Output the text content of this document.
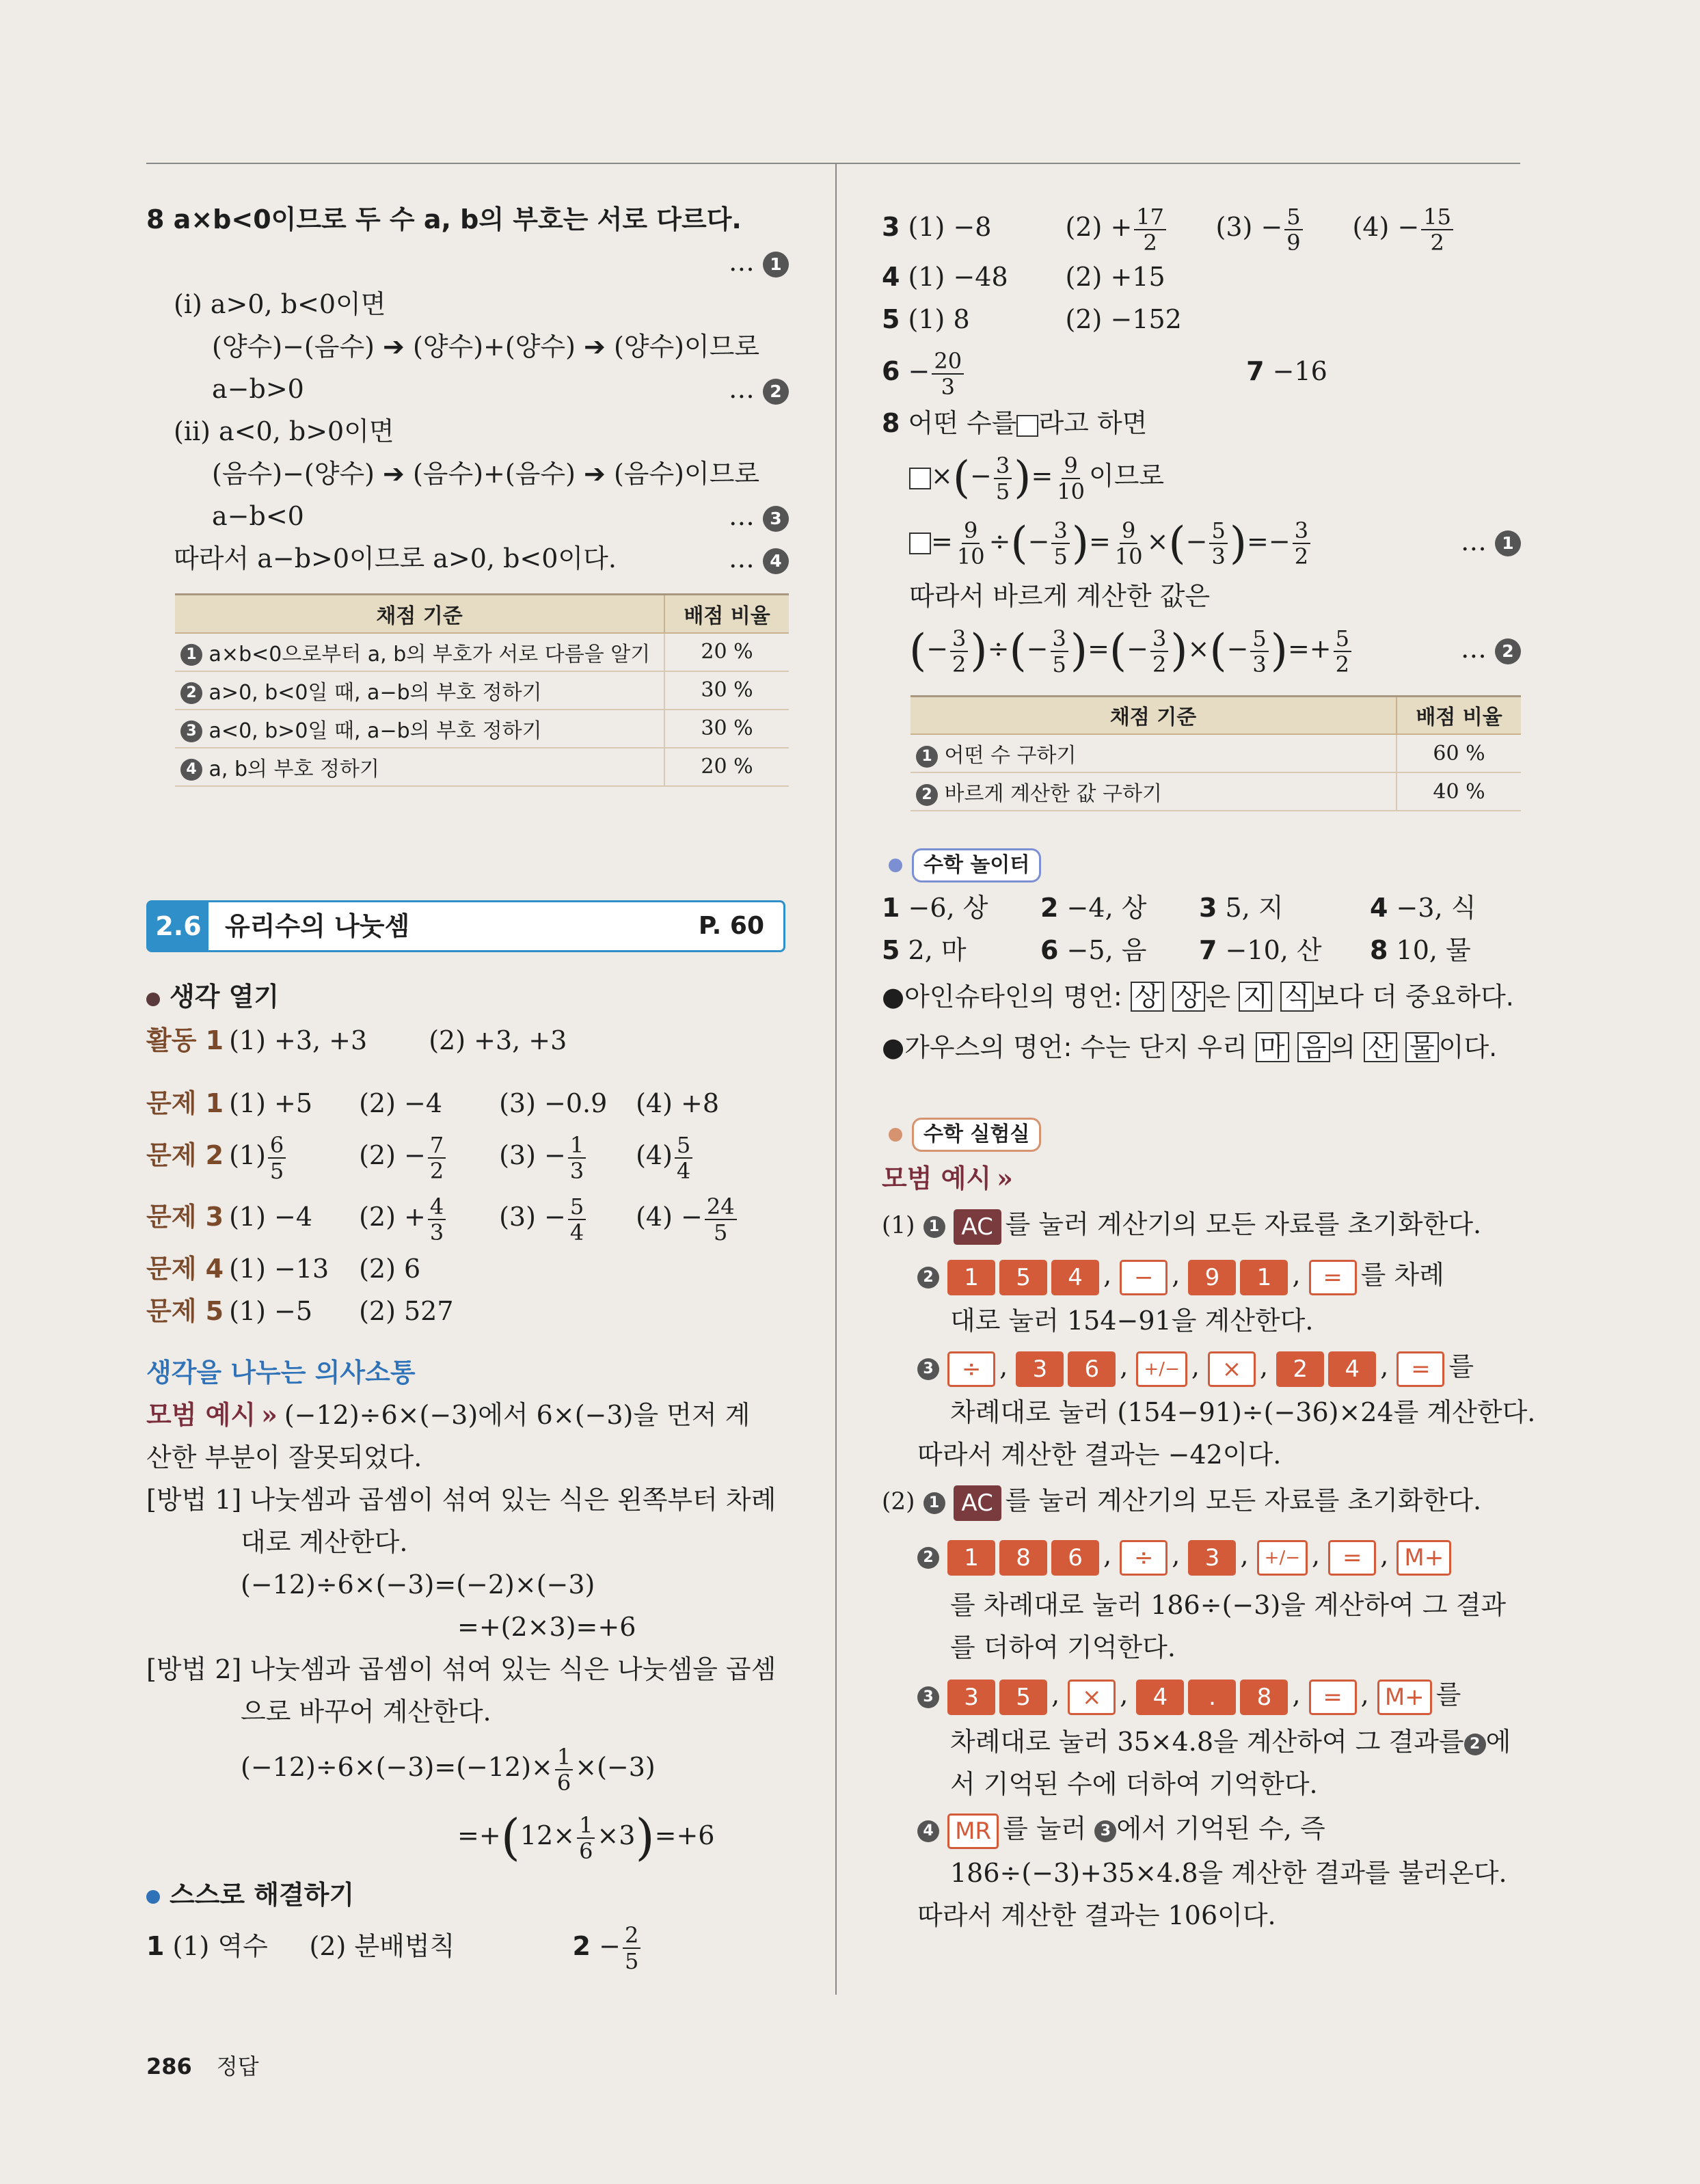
8 a×b<0이므로 두 수 a, b의 부호는 서로 다르다.
… 1

(ⅰ) a>0, b<0이면
(양수)−(음수) ➔ (양수)+(양수) ➔ (양수)이므로
a−b>0	… 2
(ⅱ) a<0, b>0이면
(음수)−(양수) ➔ (음수)+(음수) ➔ (음수)이므로
a−b<0	… 3
따라서 a−b>0이므로 a>0, b<0이다.	… 4
채점 기준	배점 비율
1 a×b<0으로부터 a, b의 부호가 서로 다름을 알기	20 %
2 a>0, b<0일 때, a−b의 부호 정하기	30 %
3 a<0, b>0일 때, a−b의 부호 정하기	30 %
4 a, b의 부호 정하기	20 %
2.6 유리수의 나눗셈	P. 60
생각 열기
활동 1 (1) +3, +3 (2) +3, +3
문제 1 (1) +5 (2) −4 (3) −0.9 (4) +8
문제 2 $(1) \frac{6}{5}$	$(2) - \frac{7}{2} (3) - \frac{1}{3} (4) \frac{5}{4}$
문제 3 (1) −4 $(2) + \frac{4}{3} (3) - \frac{5}{4} (4) - \frac{24}{5}$
문제 4 (1) −13 (2) 6
문제 5 (1) −5 (2) 527
생각을 나누는 의사소통
모범 예시 » (−12)÷6×(−3)에서 6×(−3)을 먼저 계
산한 부분이 잘못되었다.
[방법 1] 나눗셈과 곱셈이 섞여 있는 식은 왼쪽부터 차례
대로 계산한다.
(−12)÷6×(−3)=(−2)×(−3)
=+(2×3)=+6
[방법 2] 나눗셈과 곱셈이 섞여 있는 식은 나눗셈을 곱셈
으로 바꾸어 계산한다.
$(-12)\div 6\times(-3)=(-12)\times \frac{1}{6} \times(-3)$
$=+(12\times \frac{1}{6} \times 3)=+6$
스스로 해결하기
1 (1) 역수 (2) 분배법칙	$2 - \frac{2}{5}$
3 (1) −8	$(2) + \frac{17}{2} (3) - \frac{5}{9} (4) - \frac{15}{2}$
4 (1) −48 (2) +15
5 (1) 8	(2) −152
$6 - \frac{20}{3}$	7 −16
8 어떤 수를 라고 하면
×(− $\frac{3}{5}$ )= $\frac{9}{10}$ 이므로
= $\frac{9}{10}$ ÷(− $\frac{3}{5}$ )= $\frac{9}{10}$ ×(− $\frac{5}{3}$ )=− $\frac{3}{2}$	… 1
따라서 바르게 계산한 값은
(− $\frac{3}{2}$ )÷(− $\frac{3}{5}$ )=(− $\frac{3}{2}$ )×(− $\frac{5}{3}$ )=+ $\frac{5}{2}$	… 2
채점 기준	배점 비율
1 어떤 수 구하기	60 %
2 바르게 계산한 값 구하기	40 %
수학 놀이터
1 −6, 상 2 −4, 상 3 5, 지	4 −3, 식
5 2, 마	6 −5, 음 7 −10, 산 8 10, 물
●아인슈타인의 명언: 상 상 은 지 식 보다 더 중요하다.
●가우스의 명언: 수는 단지 우리 마 음 의 산 물 이다.
수학 실험실
모범 예시 »
(1) 1 AC 를 눌러 계산기의 모든 자료를 초기화한다.
2 1 5 4 , − , 9 1 , = 를 차례
대로 눌러 154−91을 계산한다.
3 ÷ , 3 6 , +/− , × , 2 4 , = 를
차례대로 눌러 (154−91)÷(−36)×24를 계산한다.
따라서 계산한 결과는 −42이다.
(2) 1 AC 를 눌러 계산기의 모든 자료를 초기화한다.
2 1 8 6 , ÷ , 3 , +/− , = , M+
를 차례대로 눌러 186÷(−3)을 계산하여 그 결과
를 더하여 기억한다.
3 3 5 , × , 4 . 8 , = , M+ 를
차례대로 눌러 35×4.8을 계산하여 그 결과를 2 에
서 기억된 수에 더하여 기억한다.
4 MR 를 눌러 3 에서 기억된 수, 즉
186÷(−3)+35×4.8을 계산한 결과를 불러온다.
따라서 계산한 결과는 106이다.
286 정답
